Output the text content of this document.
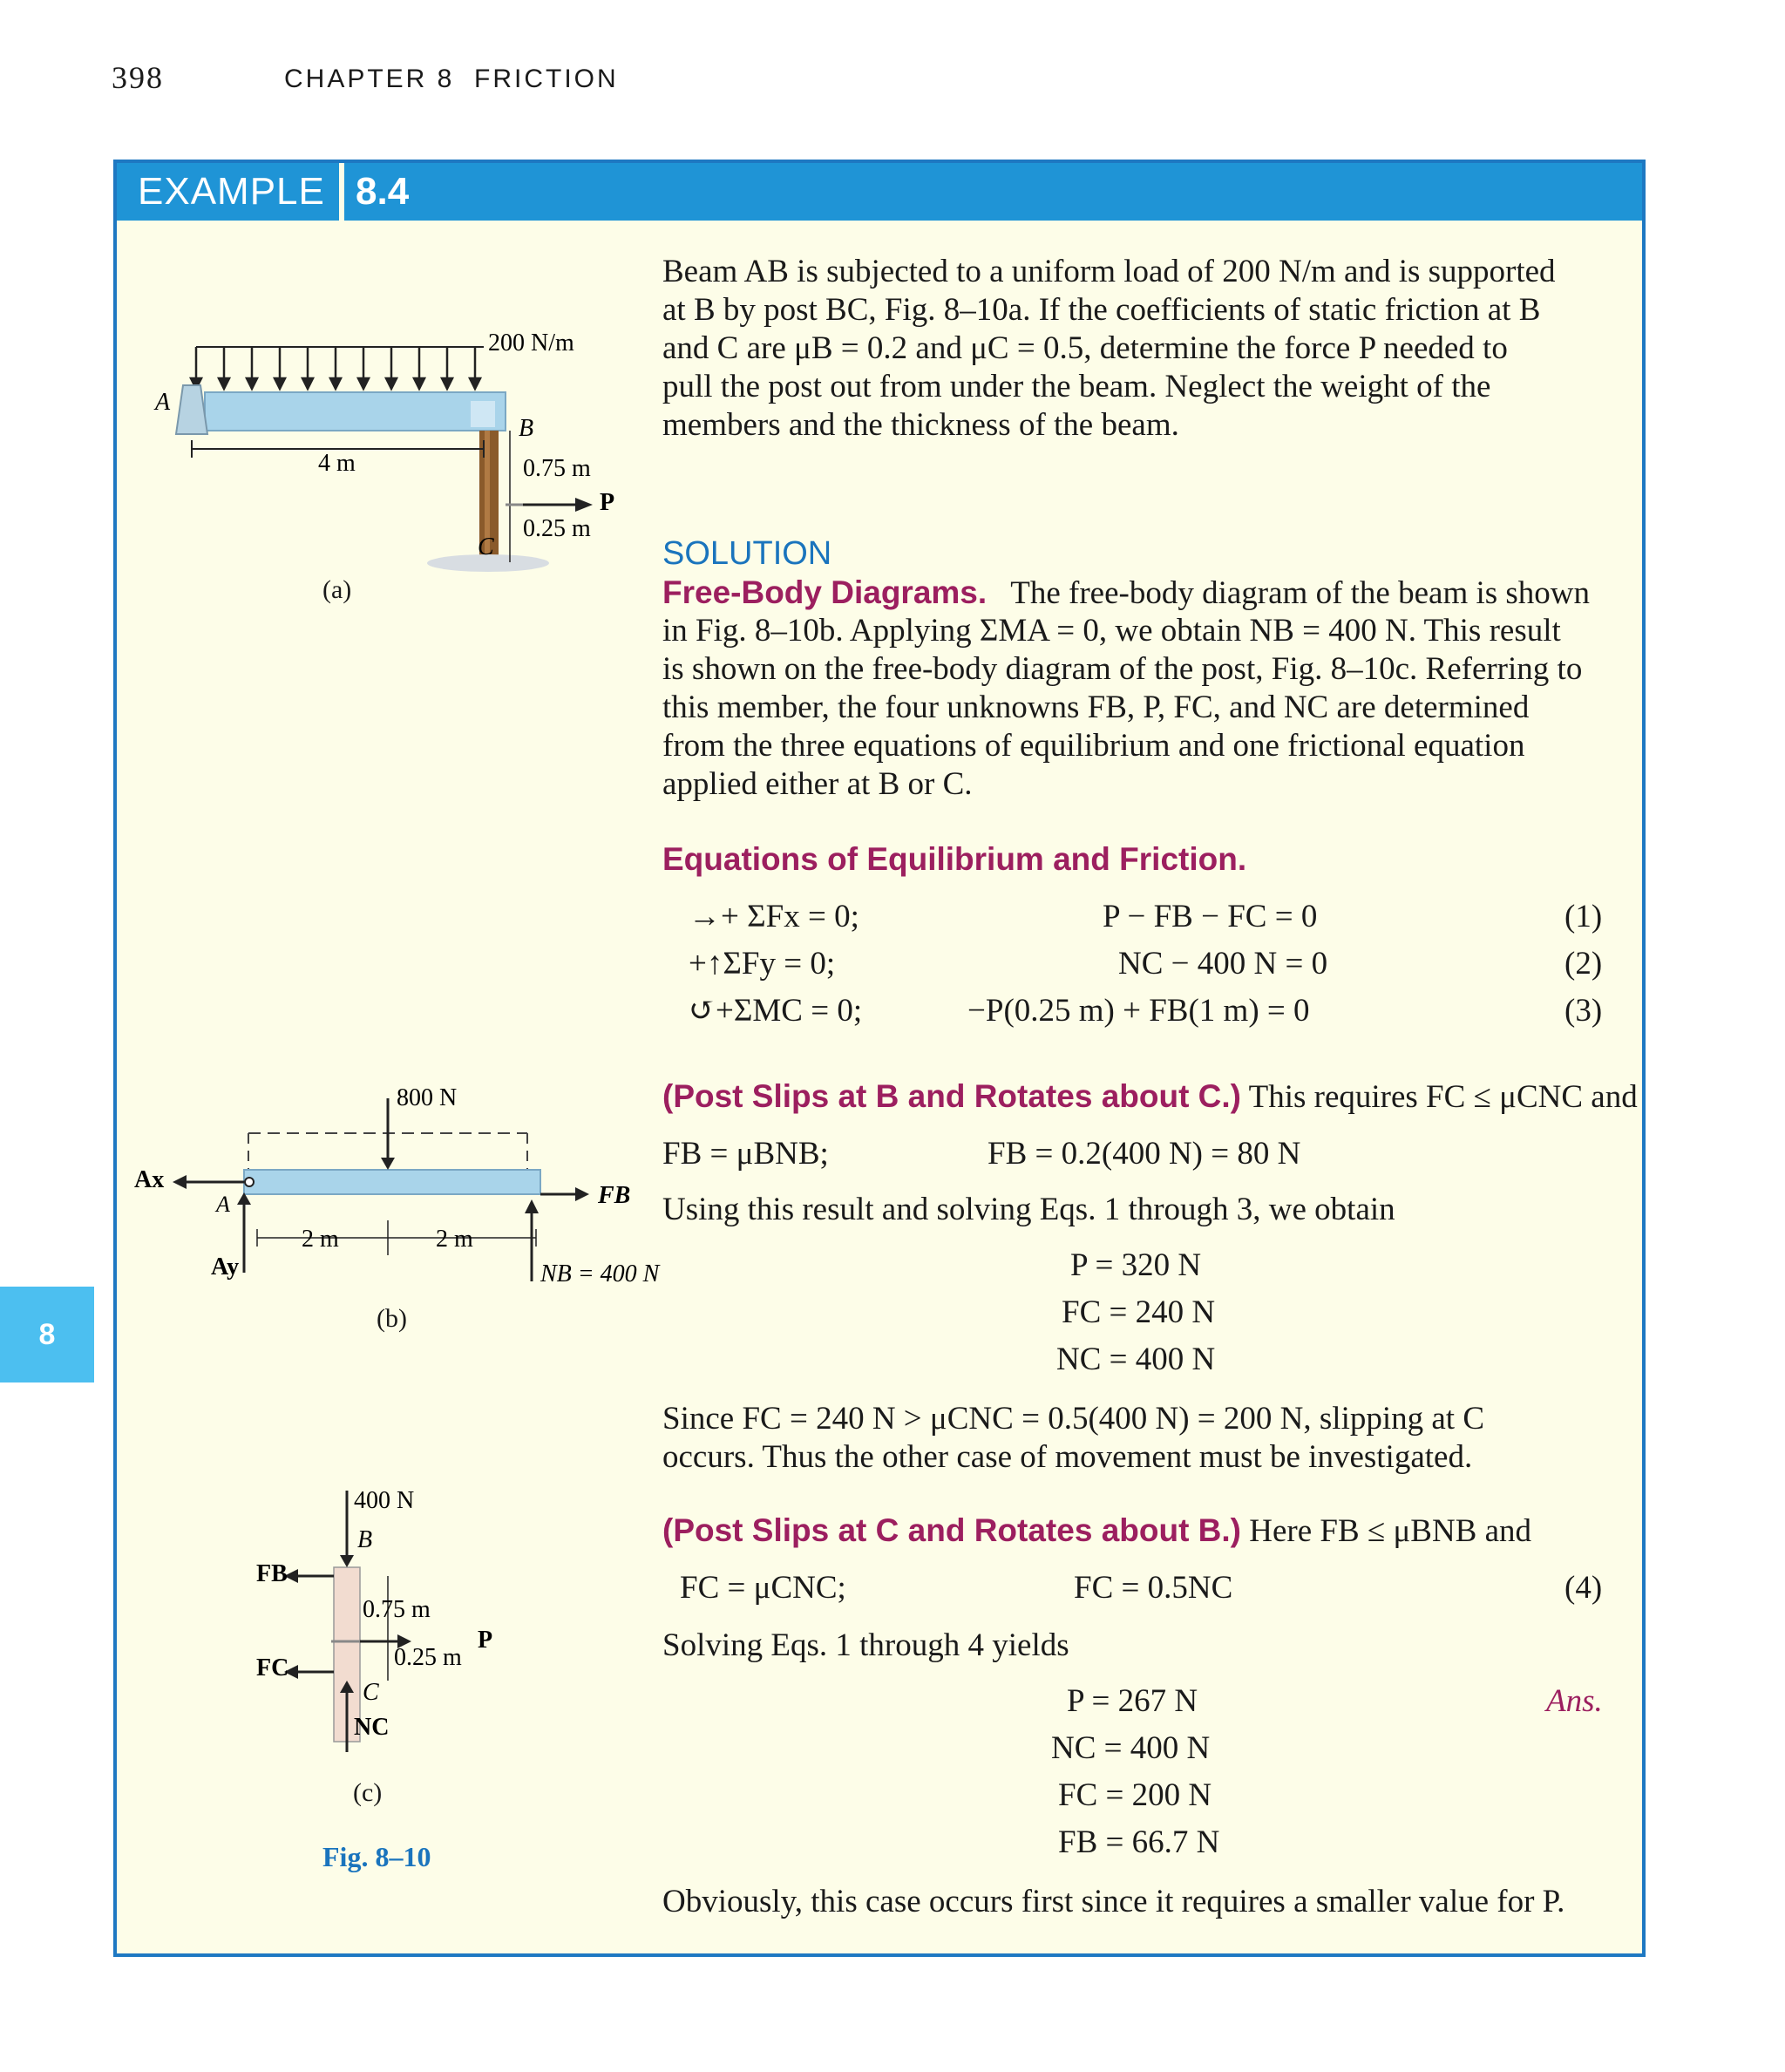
398	CHAPTER 8 FRICTION
8
EXAMPLE 8.4
200 N/m
A
B
4 m	0.75 m
0.25 m
P
C
(a)
800 N
Ax
A
Ay
2 m	2 m
FB
NB = 400 N
(b)
400 N
B
FB
0.75 m
0.25 m
P
FC
C
NC
(c)
Fig. 8–10
Beam AB is subjected to a uniform load of 200 N/m and is supported
at B by post BC, Fig. 8–10a. If the coefficients of static friction at B
and C are μB = 0.2 and μC = 0.5, determine the force P needed to
pull the post out from under the beam. Neglect the weight of the
members and the thickness of the beam.
SOLUTION
Free-Body Diagrams. The free-body diagram of the beam is shown
in Fig. 8–10b. Applying ΣMA = 0, we obtain NB = 400 N. This result
is shown on the free-body diagram of the post, Fig. 8–10c. Referring to
this member, the four unknowns FB, P, FC, and NC are determined
from the three equations of equilibrium and one frictional equation
applied either at B or C.
Equations of Equilibrium and Friction.
→+ ΣFx = 0;	P − FB − FC = 0	(1)
+↑ΣFy = 0;	NC − 400 N = 0	(2)
↺+ΣMC = 0;	−P(0.25 m) + FB(1 m) = 0	(3)
(Post Slips at B and Rotates about C.) This requires FC ≤ μCNC and
FB = μBNB;	FB = 0.2(400 N) = 80 N
Using this result and solving Eqs. 1 through 3, we obtain
P = 320 N
FC = 240 N
NC = 400 N
Since FC = 240 N > μCNC = 0.5(400 N) = 200 N, slipping at C
occurs. Thus the other case of movement must be investigated.
(Post Slips at C and Rotates about B.) Here FB ≤ μBNB and
FC = μCNC;	FC = 0.5NC	(4)
Solving Eqs. 1 through 4 yields
P = 267 N	Ans.
NC = 400 N
FC = 200 N
FB = 66.7 N
Obviously, this case occurs first since it requires a smaller value for P.
